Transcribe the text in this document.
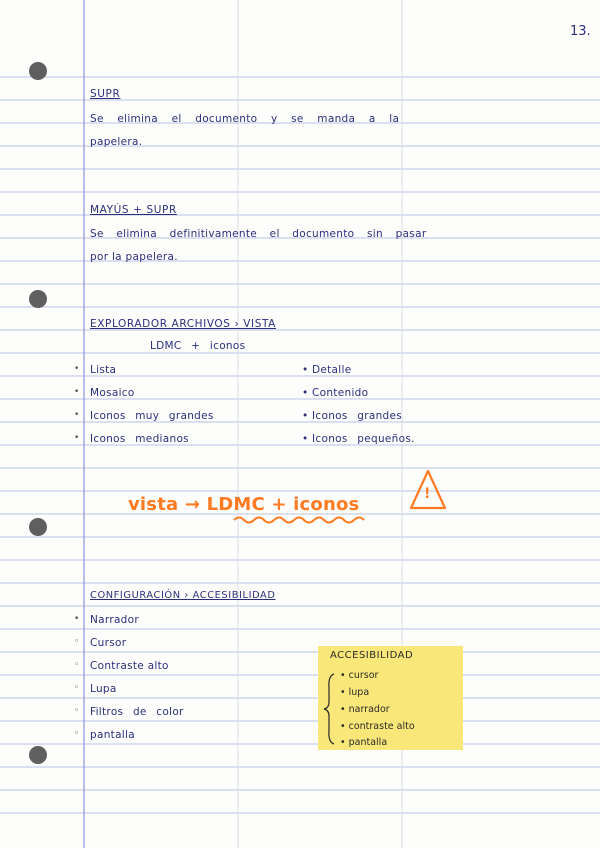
13.
SUPR
Se elimina el documento y se manda a la
papelera.
MAYÚS + SUPR
Se elimina definitivamente el documento sin pasar
por la papelera.
EXPLORADOR ARCHIVOS › VISTA
LDMC + iconos
• Lista
• Mosaico
• Iconos muy grandes
• Iconos medianos
• Detalle
• Contenido
• Iconos grandes
• Iconos pequeños.
vista → LDMC + iconos	!
CONFIGURACIÓN › ACCESIBILIDAD
• Narrador
◦ Cursor
◦ Contraste alto
◦ Lupa
◦ Filtros de color
◦ pantalla
ACCESIBILIDAD
• cursor
• lupa
• narrador
• contraste alto
• pantalla
